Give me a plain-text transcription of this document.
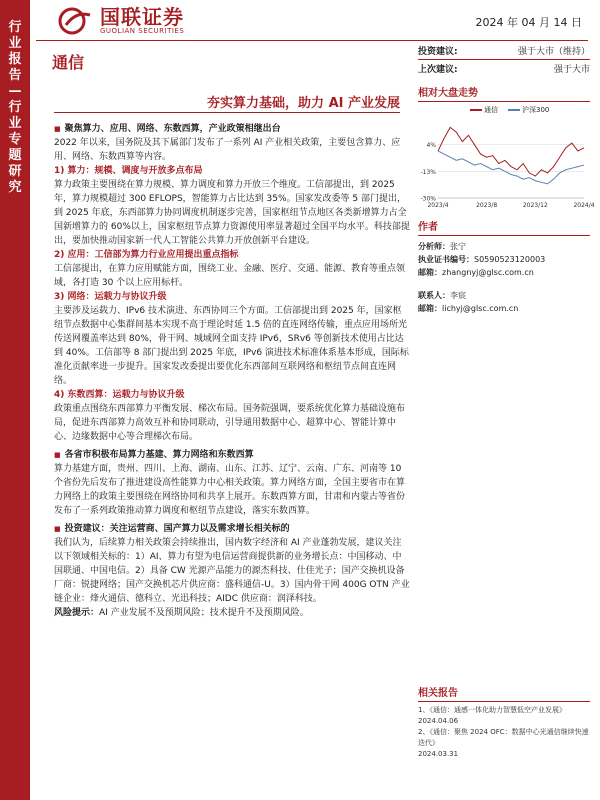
行业报告—行业专题研究
国联证券
GUOLIAN SECURITIES
2024 年 04 月 14 日
通信
投资建议:	强于大市（维持）
上次建议:	强于大市
夯实算力基础，助力 AI 产业发展

■ 聚焦算力、应用、网络、东数西算，产业政策相继出台

2022 年以来，国务院及其下属部门发布了一系列 AI 产业相关政策，主要包含算力、应用、网络、东数西算等内容。

1) 算力：规模、调度与开放多点布局

算力政策主要围绕在算力规模、算力调度和算力开放三个维度。工信部提出，到 2025 年，算力规模超过 300 EFLOPS，智能算力占比达到 35%。国家发改委等 5 部门提出，到 2025 年底，东西部算力协同调度机制逐步完善，国家枢纽节点地区各类新增算力占全国新增算力的 60%以上，国家枢纽节点算力资源使用率显著超过全国平均水平。科技部提出，要加快推动国家新一代人工智能公共算力开放创新平台建设。

2) 应用：工信部为算力行业应用提出重点指标

工信部提出，在算力应用赋能方面，围绕工业、金融、医疗、交通、能源、教育等重点领域，各打造 30 个以上应用标杆。

3) 网络：运载力与协议升级

主要涉及运载力、IPv6 技术演进、东西协同三个方面。工信部提出到 2025 年，国家枢纽节点数据中心集群间基本实现不高于理论时延 1.5 倍的直连网络传输，重点应用场所光传送网覆盖率达到 80%，骨干网、城域网全面支持 IPv6，SRv6 等创新技术使用占比达到 40%。工信部等 8 部门提出到 2025 年底，IPv6 演进技术标准体系基本形成，国际标准化贡献率进一步提升。国家发改委提出要优化东西部间互联网络和枢纽节点间直连网络。

4) 东数西算：运载力与协议升级

政策重点围绕东西部算力平衡发展、梯次布局。国务院强调，要系统优化算力基础设施布局，促进东西部算力高效互补和协同联动，引导通用数据中心、超算中心、智能计算中心、边缘数据中心等合理梯次布局。

■ 各省市积极布局算力基建、算力网络和东数西算

算力基建方面，贵州、四川、上海、湖南、山东、江苏、辽宁、云南、广东、河南等 10 个省份先后发布了推进建设高性能算力中心相关政策。算力网络方面，全国主要省市在算力网络上的政策主要围绕在网络协同和共享上展开。东数西算方面，甘肃和内蒙古等省份发布了一系列政策推动算力调度和枢纽节点建设，落实东数西算。

■ 投资建议：关注运营商、国产算力以及需求增长相关标的

我们认为，后续算力相关政策会持续推出，国内数字经济和 AI 产业蓬勃发展，建议关注以下领域相关标的：1）AI、算力有望为电信运营商提供新的业务增长点：中国移动、中国联通、中国电信。2）具备 CW 光源产品能力的源杰科技、仕佳光子；国产交换机设备厂商：锐捷网络；国产交换机芯片供应商：盛科通信-U。3）国内骨干网 400G OTN 产业链企业：烽火通信、德科立、光迅科技；AIDC 供应商：润泽科技。

风险提示：AI 产业发展不及预期风险；技术提升不及预期风险。

相对大盘走势
通信	沪深300
4%
-13%
-30%
2023/4	2023/8	2023/12	2024/4
作者
分析师：张宁
执业证书编号：S0590523120003
邮箱：zhangnyj@glsc.com.cn
联系人：李宸
邮箱：lichyj@glsc.com.cn
相关报告
1、《通信：通感一体化助力智慧低空产业发展》
2024.04.06
2、《通信：聚焦 2024 OFC：数据中心光通信继续快速迭代》
2024.03.31
